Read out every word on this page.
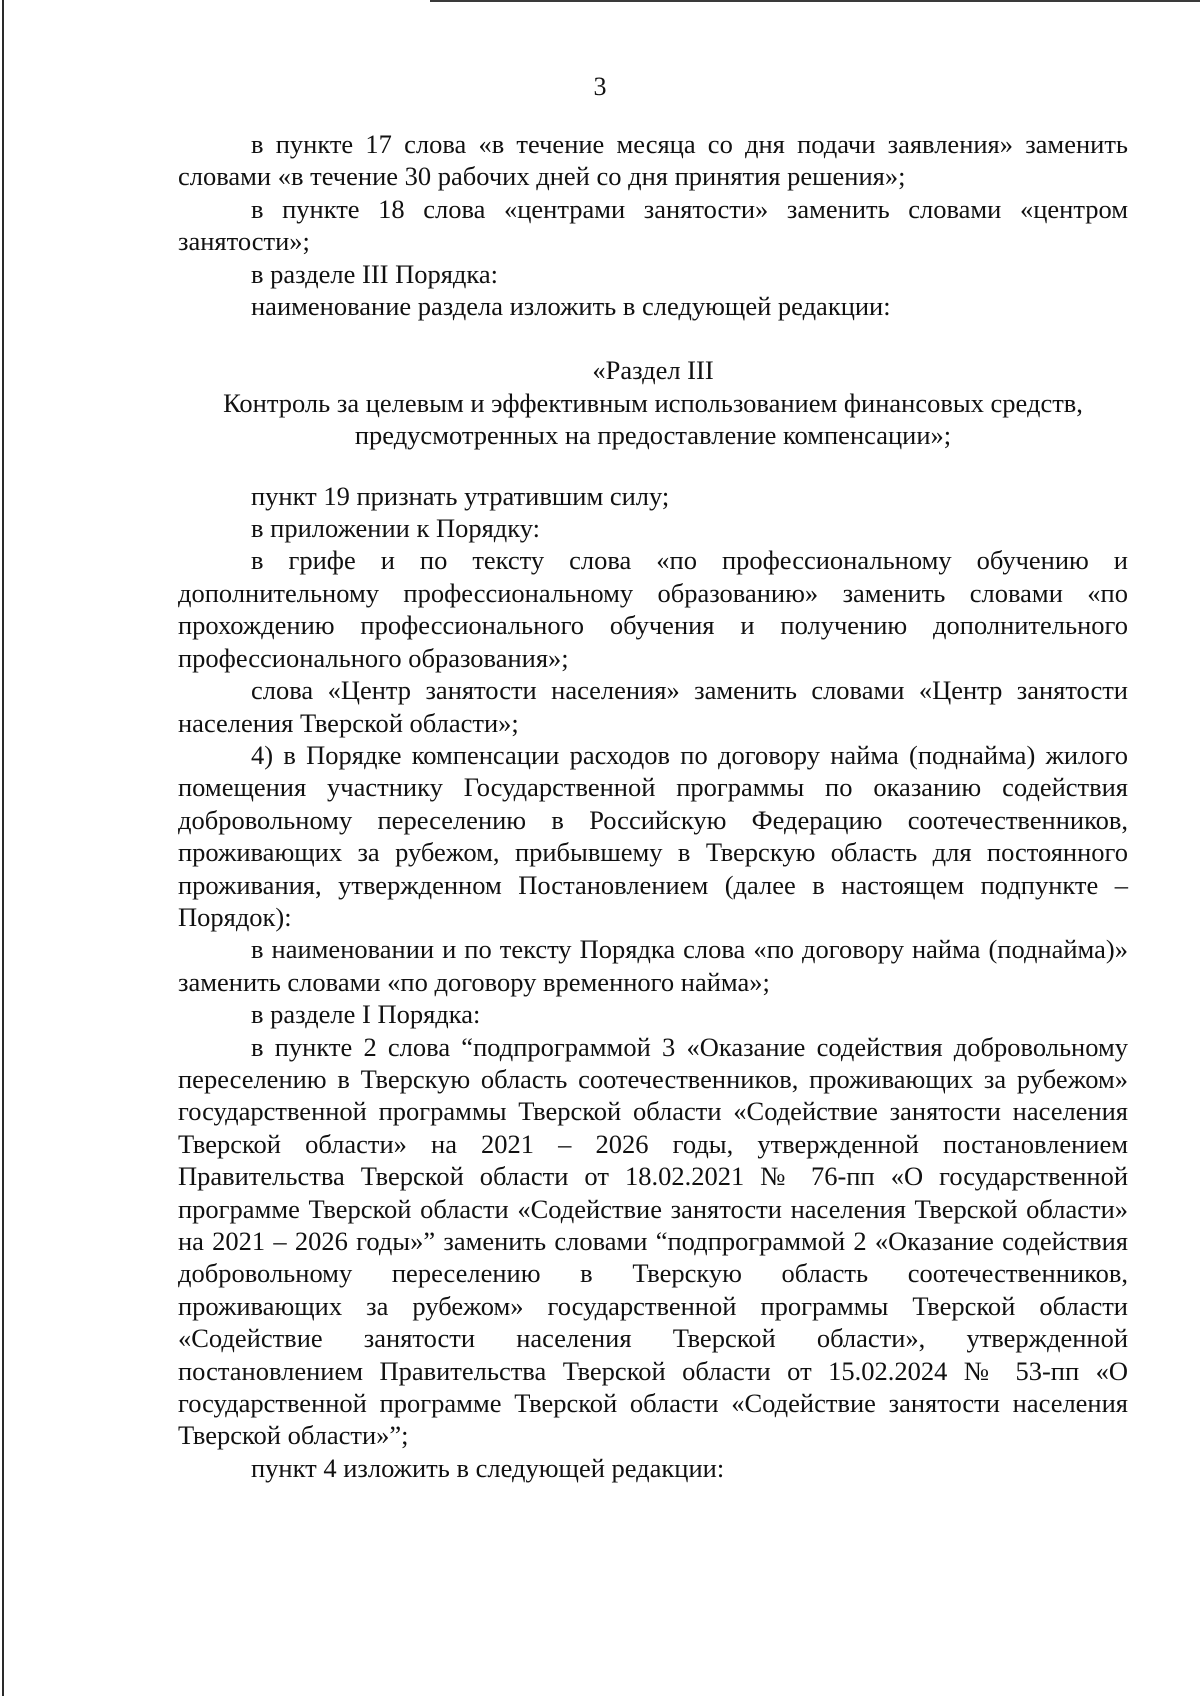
3

в пункте 17 слова «в течение месяца со дня подачи заявления» заменить словами «в течение 30 рабочих дней со дня принятия решения»;

в пункте 18 слова «центрами занятости» заменить словами «центром занятости»;

в разделе III Порядка:

наименование раздела изложить в следующей редакции:

«Раздел III

Контроль за целевым и эффективным использованием финансовых средств,

предусмотренных на предоставление компенсации»;

пункт 19 признать утратившим силу;

в приложении к Порядку:

в грифе и по тексту слова «по профессиональному обучению и дополнительному профессиональному образованию» заменить словами «по прохождению профессионального обучения и получению дополнительного профессионального образования»;

слова «Центр занятости населения» заменить словами «Центр занятости населения Тверской области»;

4) в Порядке компенсации расходов по договору найма (поднайма) жилого помещения участнику Государственной программы по оказанию содействия добровольному переселению в Российскую Федерацию соотечественников, проживающих за рубежом, прибывшему в Тверскую область для постоянного проживания, утвержденном Постановлением (далее в настоящем подпункте – Порядок):

в наименовании и по тексту Порядка слова «по договору найма (поднайма)» заменить словами «по договору временного найма»;

в разделе I Порядка:

в пункте 2 слова “подпрограммой 3 «Оказание содействия добровольному переселению в Тверскую область соотечественников, проживающих за рубежом» государственной программы Тверской области «Содействие занятости населения Тверской области» на 2021 – 2026 годы, утвержденной постановлением Правительства Тверской области от 18.02.2021 № 76-пп «О государственной программе Тверской области «Содействие занятости населения Тверской области» на 2021 – 2026 годы»” заменить словами “подпрограммой 2 «Оказание содействия добровольному переселению в Тверскую область соотечественников, проживающих за рубежом» государственной программы Тверской области «Содействие занятости населения Тверской области», утвержденной постановлением Правительства Тверской области от 15.02.2024 № 53-пп «О государственной программе Тверской области «Содействие занятости населения Тверской области»”;

пункт 4 изложить в следующей редакции:
